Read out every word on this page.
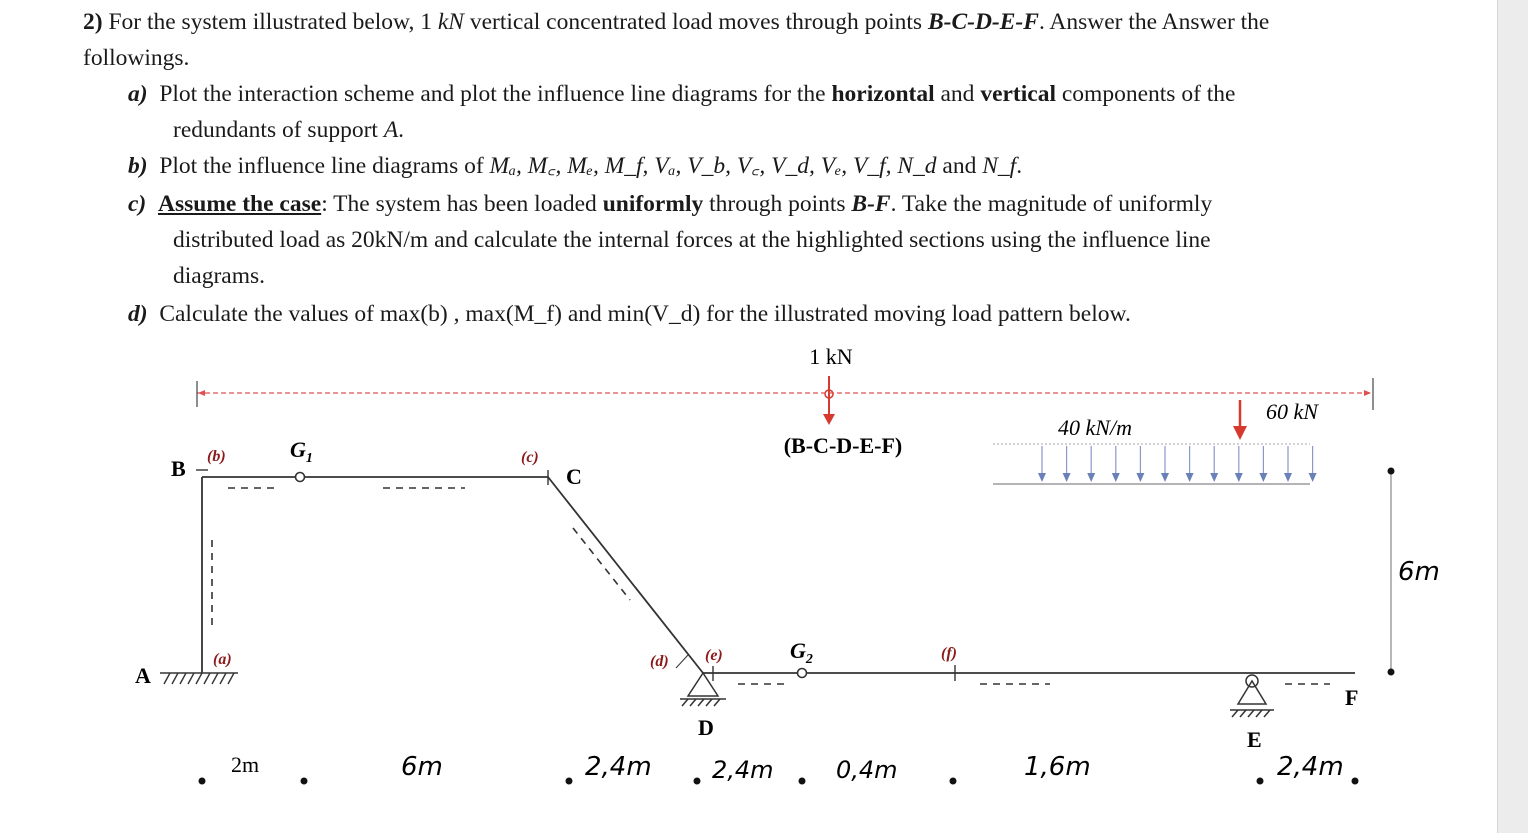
2) For the system illustrated below, 1 kN vertical concentrated load moves through points B-C-D-E-F. Answer the Answer the
followings.
a) Plot the interaction scheme and plot the influence line diagrams for the horizontal and vertical components of the
redundants of support A.
b) Plot the influence line diagrams of Mₐ, M꜀, Mₑ, M_f, Vₐ, V_b, V꜀, V_d, Vₑ, V_f, N_d and N_f.
c) Assume the case: The system has been loaded uniformly through points B-F. Take the magnitude of uniformly
distributed load as 20kN/m and calculate the internal forces at the highlighted sections using the influence line
diagrams.
d) Calculate the values of max(b) , max(M_f) and min(V_d) for the illustrated moving load pattern below.
1 kN
(B-C-D-E-F)
40 kN/m
60 kN
$G_1$
$G_2$
B
A
C
D	E
F
(a)
(b)	(c)
(d) (e)	(f)
6m
2m	6m	2,4m	2,4m	0,4m	1,6m	2,4m
